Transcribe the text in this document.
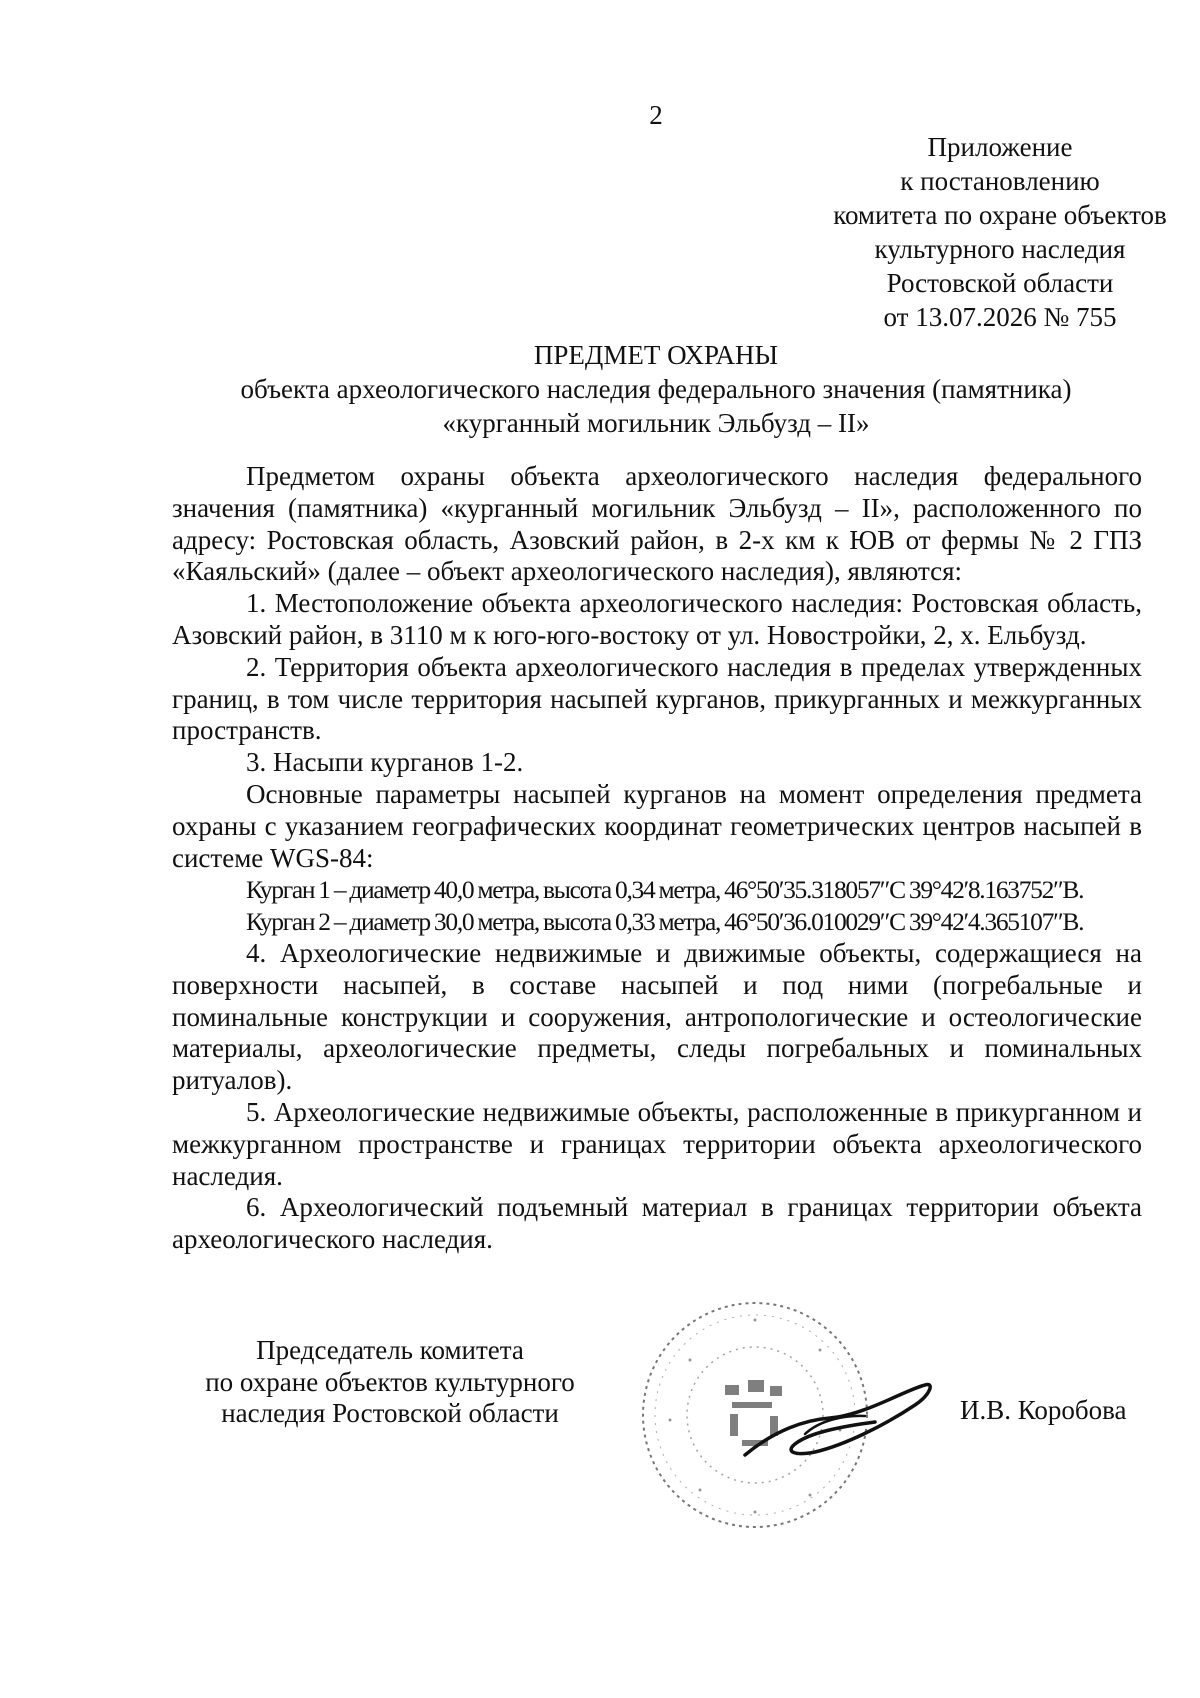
2
Приложение
к постановлению
комитета по охране объектов
культурного наследия
Ростовской области
от 13.07.2026 № 755
ПРЕДМЕТ ОХРАНЫ
объекта археологического наследия федерального значения (памятника)
«курганный могильник Эльбузд – II»

Предметом охраны объекта археологического наследия федерального значения (памятника) «курганный могильник Эльбузд – II», расположенного по адресу: Ростовская область, Азовский район, в 2-х км к ЮВ от фермы № 2 ГПЗ «Каяльский» (далее – объект археологического наследия), являются:

1. Местоположение объекта археологического наследия: Ростовская область, Азовский район, в 3110 м к юго-юго-востоку от ул. Новостройки, 2, х. Ельбузд.

2. Территория объекта археологического наследия в пределах утвержденных границ, в том числе территория насыпей курганов, прикурганных и межкурганных пространств.

3. Насыпи курганов 1-2.

Основные параметры насыпей курганов на момент определения предмета охраны с указанием географических координат геометрических центров насыпей в системе WGS-84:

Курган 1 – диаметр 40,0 метра, высота 0,34 метра, 46°50′35.318057″С 39°42′8.163752″В.

Курган 2 – диаметр 30,0 метра, высота 0,33 метра, 46°50′36.010029″С 39°42′4.365107″В.

4. Археологические недвижимые и движимые объекты, содержащиеся на поверхности насыпей, в составе насыпей и под ними (погребальные и поминальные конструкции и сооружения, антропологические и остеологические материалы, археологические предметы, следы погребальных и поминальных ритуалов).

5. Археологические недвижимые объекты, расположенные в прикурганном и межкурганном пространстве и границах территории объекта археологического наследия.

6. Археологический подъемный материал в границах территории объекта археологического наследия.

Председатель комитета
по охране объектов культурного
наследия Ростовской области	И.В. Коробова
